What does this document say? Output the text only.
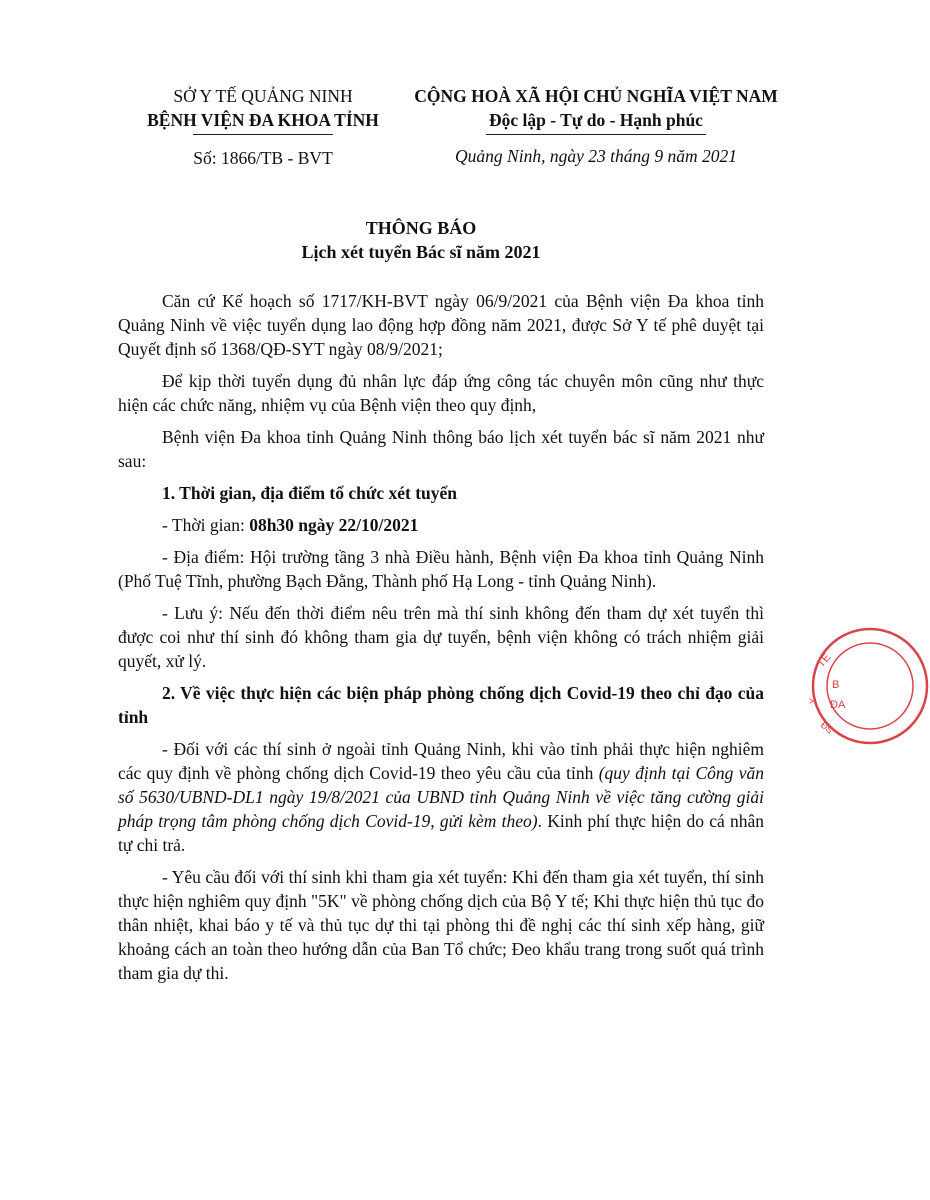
SỞ Y TẾ QUẢNG NINH
BỆNH VIỆN ĐA KHOA TỈNH
CỘNG HOÀ XÃ HỘI CHỦ NGHĨA VIỆT NAM
Độc lập - Tự do - Hạnh phúc
Số: 1866/TB - BVT	Quảng Ninh, ngày 23 tháng 9 năm 2021
THÔNG BÁO
Lịch xét tuyển Bác sĩ năm 2021

Căn cứ Kế hoạch số 1717/KH-BVT ngày 06/9/2021 của Bệnh viện Đa khoa tỉnh Quảng Ninh về việc tuyển dụng lao động hợp đồng năm 2021, được Sở Y tế phê duyệt tại Quyết định số 1368/QĐ-SYT ngày 08/9/2021;

Để kịp thời tuyển dụng đủ nhân lực đáp ứng công tác chuyên môn cũng như thực hiện các chức năng, nhiệm vụ của Bệnh viện theo quy định,

Bệnh viện Đa khoa tỉnh Quảng Ninh thông báo lịch xét tuyển bác sĩ năm 2021 như sau:

1. Thời gian, địa điểm tổ chức xét tuyển

- Thời gian: 08h30 ngày 22/10/2021

- Địa điểm: Hội trường tầng 3 nhà Điều hành, Bệnh viện Đa khoa tỉnh Quảng Ninh (Phố Tuệ Tĩnh, phường Bạch Đằng, Thành phố Hạ Long - tỉnh Quảng Ninh).

- Lưu ý: Nếu đến thời điểm nêu trên mà thí sinh không đến tham dự xét tuyển thì được coi như thí sinh đó không tham gia dự tuyển, bệnh viện không có trách nhiệm giải quyết, xử lý.

2. Về việc thực hiện các biện pháp phòng chống dịch Covid-19 theo chỉ đạo của tỉnh

- Đối với các thí sinh ở ngoài tỉnh Quảng Ninh, khi vào tỉnh phải thực hiện nghiêm các quy định về phòng chống dịch Covid-19 theo yêu cầu của tỉnh (quy định tại Công văn số 5630/UBND-DL1 ngày 19/8/2021 của UBND tỉnh Quảng Ninh về việc tăng cường giải pháp trọng tâm phòng chống dịch Covid-19, gửi kèm theo). Kinh phí thực hiện do cá nhân tự chi trả.

- Yêu cầu đối với thí sinh khi tham gia xét tuyển: Khi đến tham gia xét tuyển, thí sinh thực hiện nghiêm quy định "5K" về phòng chống dịch của Bộ Y tế; Khi thực hiện thủ tục đo thân nhiệt, khai báo y tế và thủ tục dự thi tại phòng thi đề nghị các thí sinh xếp hàng, giữ khoảng cách an toàn theo hướng dẫn của Ban Tổ chức; Đeo khẩu trang trong suốt quá trình tham gia dự thi.

TẾ
B
ĐA
Y
ĐS
